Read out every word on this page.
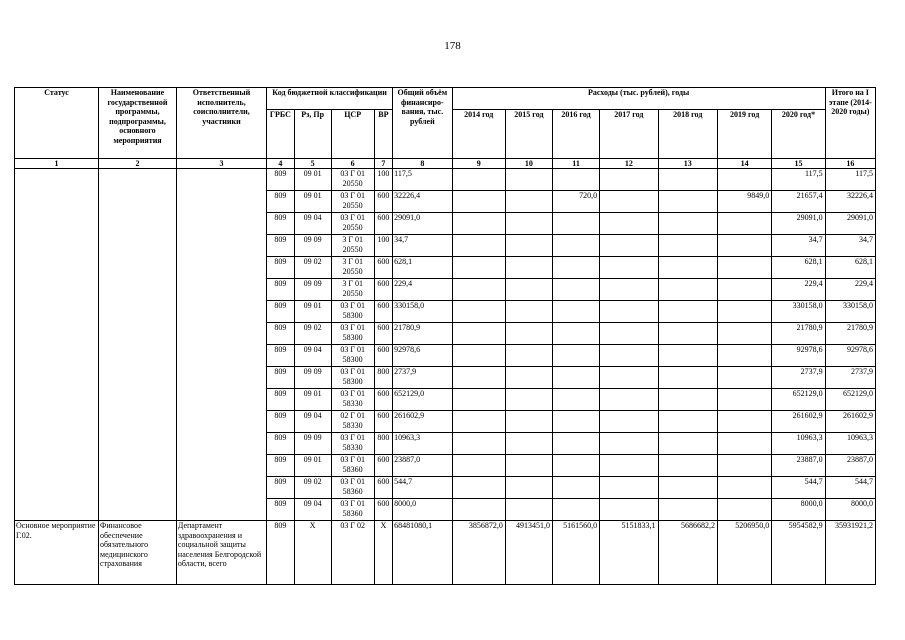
178
Статус	Наименование государственной программы, подпрограммы, основного мероприятия	Ответственный исполнитель, соисполнители, участники	Код бюджетной классификации				Общий объём финансиро-вания, тыс. рублей	Расходы (тыс. рублей), годы							Итого на I этапе (2014-2020 годы)
			ГРБС	Рз, Пр	ЦСР	ВР		2014 год	2015 год	2016 год	2017 год	2018 год	2019 год	2020 год*	
1	2	3	4	5	6	7	8	9	10	11	12	13	14	15	16
			809	09 01	03 Г 01 20550	100	117,5							117,5	117,5
			809	09 01	03 Г 01 20550	600	32226,4			720,0			9849,0	21657,4	32226,4
			809	09 04	03 Г 01 20550	600	29091,0							29091,0	29091,0
			809	09 09	3 Г 01 20550	100	34,7							34,7	34,7
			809	09 02	3 Г 01 20550	600	628,1							628,1	628,1
			809	09 09	3 Г 01 20550	600	229,4							229,4	229,4
			809	09 01	03 Г 01 58300	600	330158,0							330158,0	330158,0
			809	09 02	03 Г 01 58300	600	21780,9							21780,9	21780,9
			809	09 04	03 Г 01 58300	600	92978,6							92978,6	92978,6
			809	09 09	03 Г 01 58300	800	2737,9							2737,9	2737,9
			809	09 01	03 Г 01 58330	600	652129,0							652129,0	652129,0
			809	09 04	02 Г 01 58330	600	261602,9							261602,9	261602,9
			809	09 09	03 Г 01 58330	800	10963,3							10963,3	10963,3
			809	09 01	03 Г 01 58360	600	23887,0							23887,0	23887,0
			809	09 02	03 Г 01 58360	600	544,7							544,7	544,7
			809	09 04	03 Г 01 58360	600	8000,0							8000,0	8000,0
Основное мероприятие Г.02.	Финансовое обеспечение обязательного медицинского страхования	Департамент здравоохранения и социальной защиты населения Белгородской области, всего	809	X	03 Г 02	X	68481080,1	3856872,0	4913451,0	5161560,0	5151833,1	5686682,2	5206950,0	5954582,9	35931921,2
